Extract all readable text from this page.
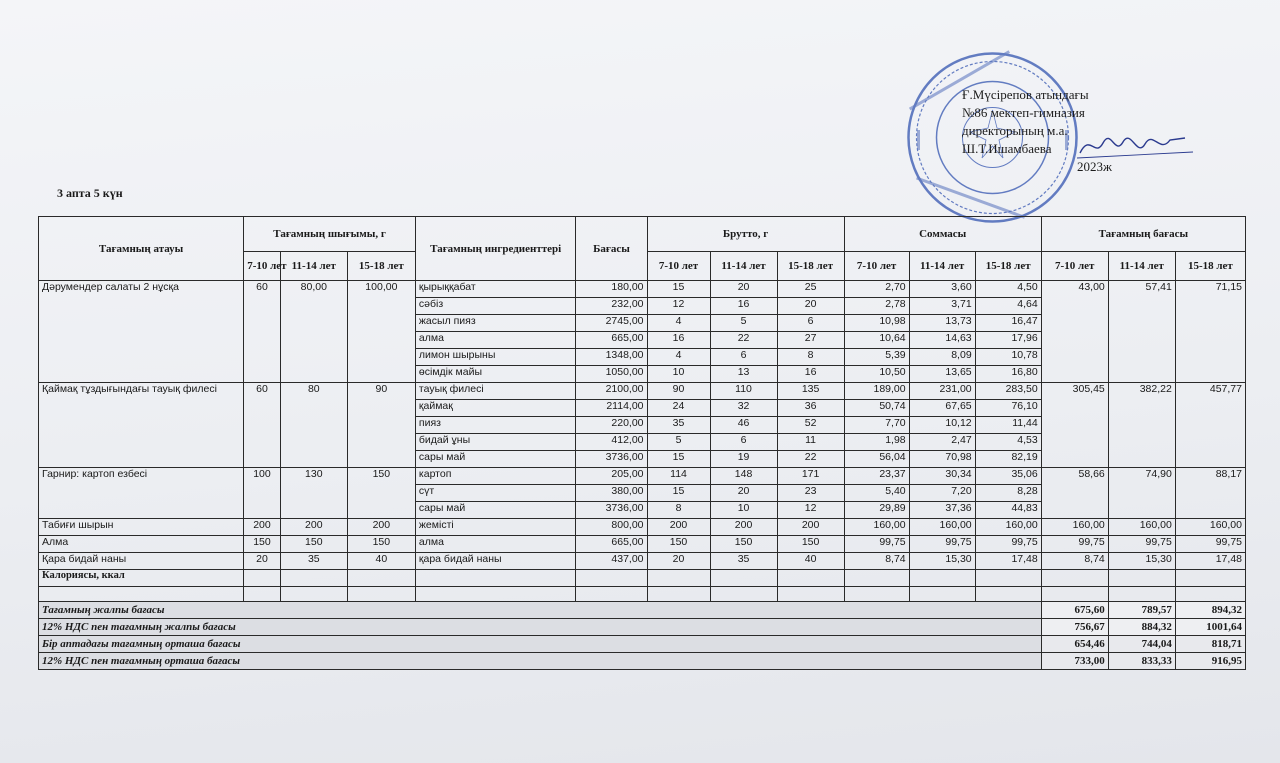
Ғ.Мүсірепов атындағы
№86 мектеп-гимназия
директорының м.а.
Ш.Т.Ишамбаева
2023ж
3 апта 5 күн
Тағамның атауы	Тағамның шығымы, г			Тағамның ингредиенттері	Бағасы	Брутто, г			Соммасы			Тағамның бағасы		
	7-10 лет	11-14 лет	15-18 лет			7-10 лет	11-14 лет	15-18 лет	7-10 лет	11-14 лет	15-18 лет	7-10 лет	11-14 лет	15-18 лет
Дәрумендер салаты 2 нұсқа	60	80,00	100,00	қырыққабат	180,00	15	20	25	2,70	3,60	4,50	43,00	57,41	71,15
				сәбіз	232,00	12	16	20	2,78	3,71	4,64			
				жасыл пияз	2745,00	4	5	6	10,98	13,73	16,47			
				алма	665,00	16	22	27	10,64	14,63	17,96			
				лимон шырыны	1348,00	4	6	8	5,39	8,09	10,78			
				өсімдік майы	1050,00	10	13	16	10,50	13,65	16,80			
Қаймақ тұздығындағы тауық филесі	60	80	90	тауық филесі	2100,00	90	110	135	189,00	231,00	283,50	305,45	382,22	457,77
				қаймақ	2114,00	24	32	36	50,74	67,65	76,10			
				пияз	220,00	35	46	52	7,70	10,12	11,44			
				бидай ұны	412,00	5	6	11	1,98	2,47	4,53			
				сары май	3736,00	15	19	22	56,04	70,98	82,19			
Гарнир: картоп езбесі	100	130	150	картоп	205,00	114	148	171	23,37	30,34	35,06	58,66	74,90	88,17
				сүт	380,00	15	20	23	5,40	7,20	8,28			
				сары май	3736,00	8	10	12	29,89	37,36	44,83			
Табиғи шырын	200	200	200	жемісті	800,00	200	200	200	160,00	160,00	160,00	160,00	160,00	160,00
Алма	150	150	150	алма	665,00	150	150	150	99,75	99,75	99,75	99,75	99,75	99,75
Қара бидай наны	20	35	40	қара бидай наны	437,00	20	35	40	8,74	15,30	17,48	8,74	15,30	17,48
Калориясы, ккал														

Тағамның жалпы бағасы												675,60	789,57	894,32
12% НДС пен тағамның жалпы бағасы												756,67	884,32	1001,64
Бір аптадағы тағамның орташа бағасы												654,46	744,04	818,71
12% НДС пен тағамның орташа бағасы												733,00	833,33	916,95
